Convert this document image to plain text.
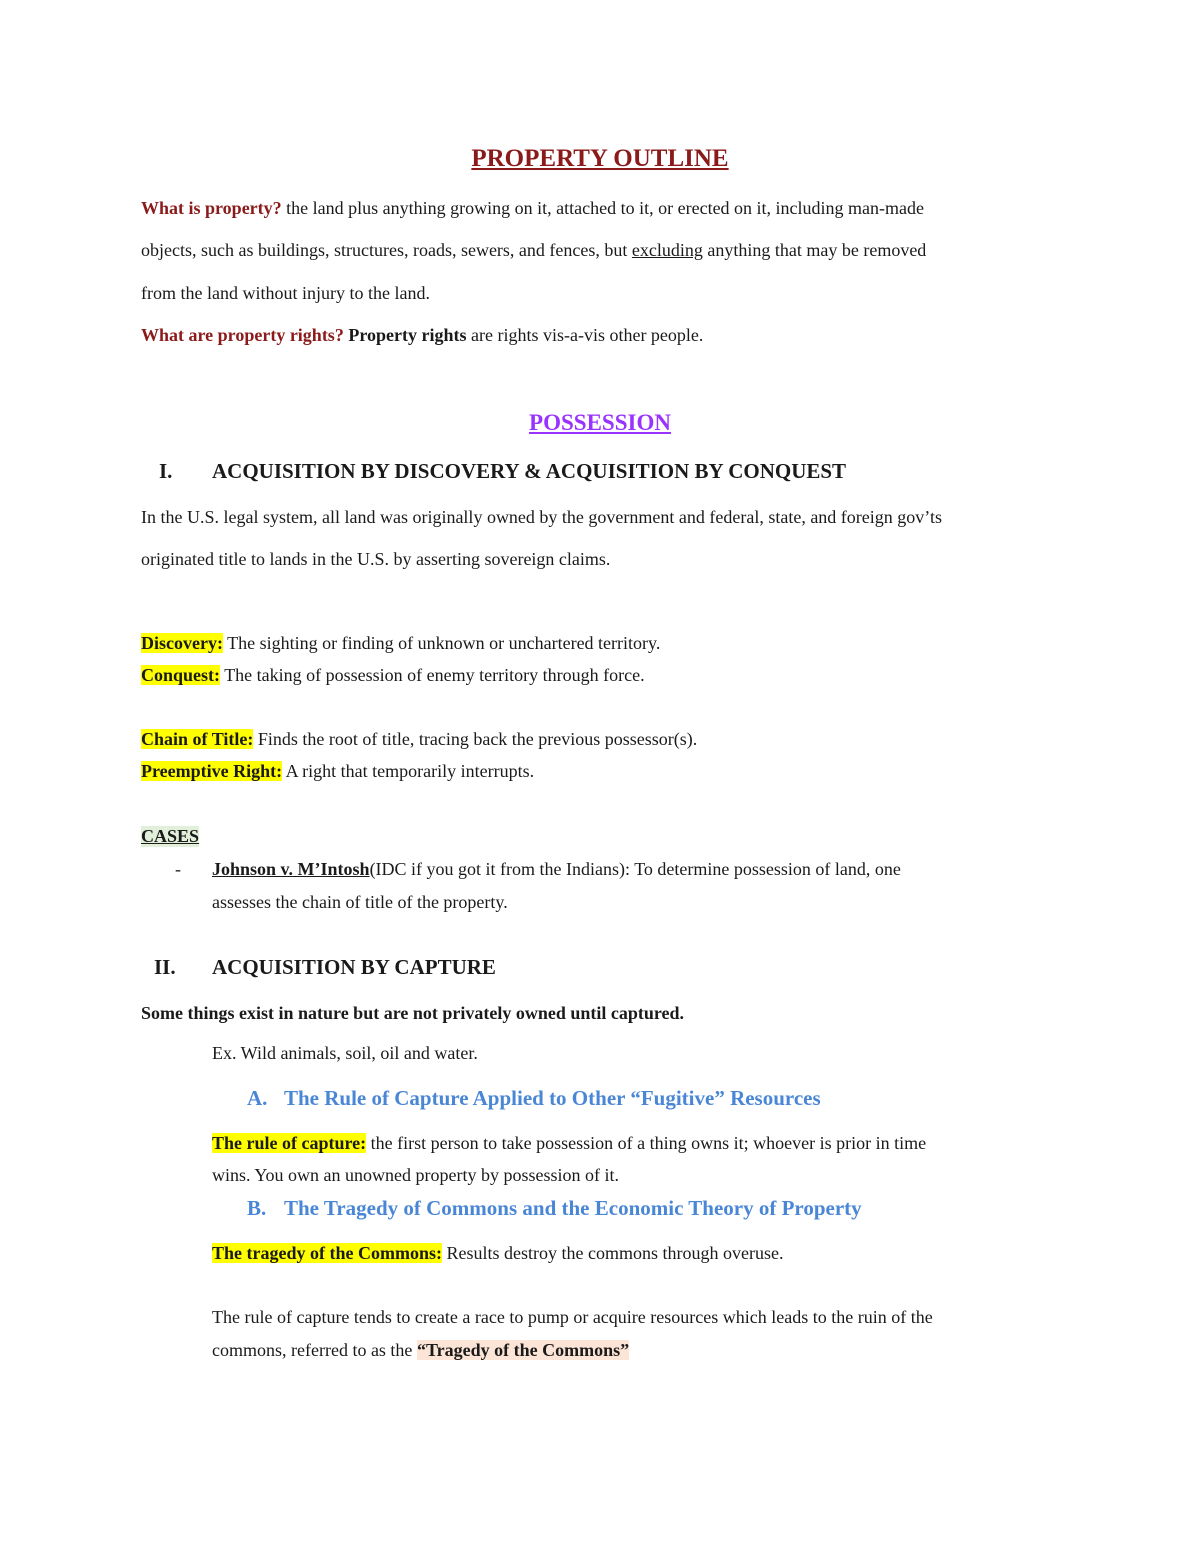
PROPERTY OUTLINE
What is property? the land plus anything growing on it, attached to it, or erected on it, including man-made
objects, such as buildings, structures, roads, sewers, and fences, but excluding anything that may be removed
from the land without injury to the land.
What are property rights? Property rights are rights vis-a-vis other people.
POSSESSION
I. ACQUISITION BY DISCOVERY & ACQUISITION BY CONQUEST
In the U.S. legal system, all land was originally owned by the government and federal, state, and foreign gov’ts
originated title to lands in the U.S. by asserting sovereign claims.
Discovery: The sighting or finding of unknown or unchartered territory.
Conquest: The taking of possession of enemy territory through force.
Chain of Title: Finds the root of title, tracing back the previous possessor(s).
Preemptive Right: A right that temporarily interrupts.
CASES
- Johnson v. M’Intosh(IDC if you got it from the Indians): To determine possession of land, one
assesses the chain of title of the property.
II. ACQUISITION BY CAPTURE
Some things exist in nature but are not privately owned until captured.
Ex. Wild animals, soil, oil and water.
A. The Rule of Capture Applied to Other “Fugitive” Resources
The rule of capture: the first person to take possession of a thing owns it; whoever is prior in time
wins. You own an unowned property by possession of it.
B. The Tragedy of Commons and the Economic Theory of Property
The tragedy of the Commons: Results destroy the commons through overuse.
The rule of capture tends to create a race to pump or acquire resources which leads to the ruin of the
commons, referred to as the “Tragedy of the Commons”
